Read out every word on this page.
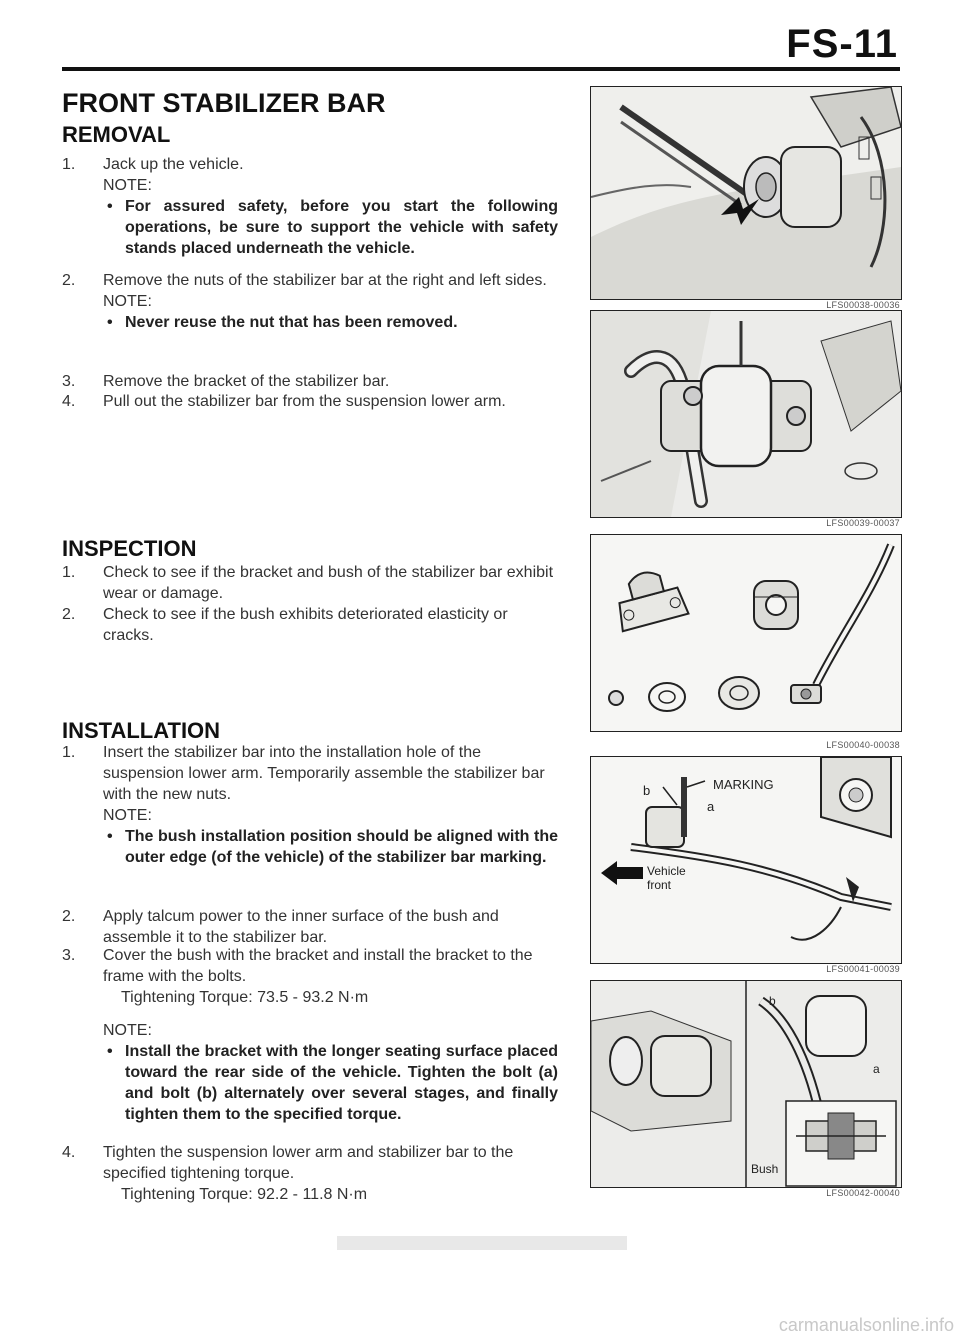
FS-11
FRONT STABILIZER BAR
REMOVAL
1. Jack up the vehicle.
NOTE:
• For assured safety, before you start the following operations, be sure to support the vehicle with safety stands placed underneath the vehicle.
2. Remove the nuts of the stabilizer bar at the right and left sides.
NOTE:
• Never reuse the nut that has been removed.
3. Remove the bracket of the stabilizer bar.
4. Pull out the stabilizer bar from the suspension lower arm.
INSPECTION
1. Check to see if the bracket and bush of the stabilizer bar exhibit wear or damage.
2. Check to see if the bush exhibits deteriorated elasticity or cracks.
INSTALLATION
1. Insert the stabilizer bar into the installation hole of the suspension lower arm. Temporarily assemble the stabilizer bar with the new nuts.
NOTE:
• The bush installation position should be aligned with the outer edge (of the vehicle) of the stabilizer bar marking.
2. Apply talcum power to the inner surface of the bush and assemble it to the stabilizer bar.
3. Cover the bush with the bracket and install the bracket to the frame with the bolts.
Tightening Torque: 73.5 - 93.2 N·m
NOTE:
• Install the bracket with the longer seating surface placed toward the rear side of the vehicle. Tighten the bolt (a) and bolt (b) alternately over several stages, and finally tighten them to the specified torque.
4. Tighten the suspension lower arm and stabilizer bar to the specified tightening torque.
Tightening Torque: 92.2 - 11.8 N·m
LFS00038-00036
LFS00039-00037
LFS00040-00038
MARKING
a
b
Vehicle
front
LFS00041-00039
b
a
Bush
LFS00042-00040
carmanualsonline.info
